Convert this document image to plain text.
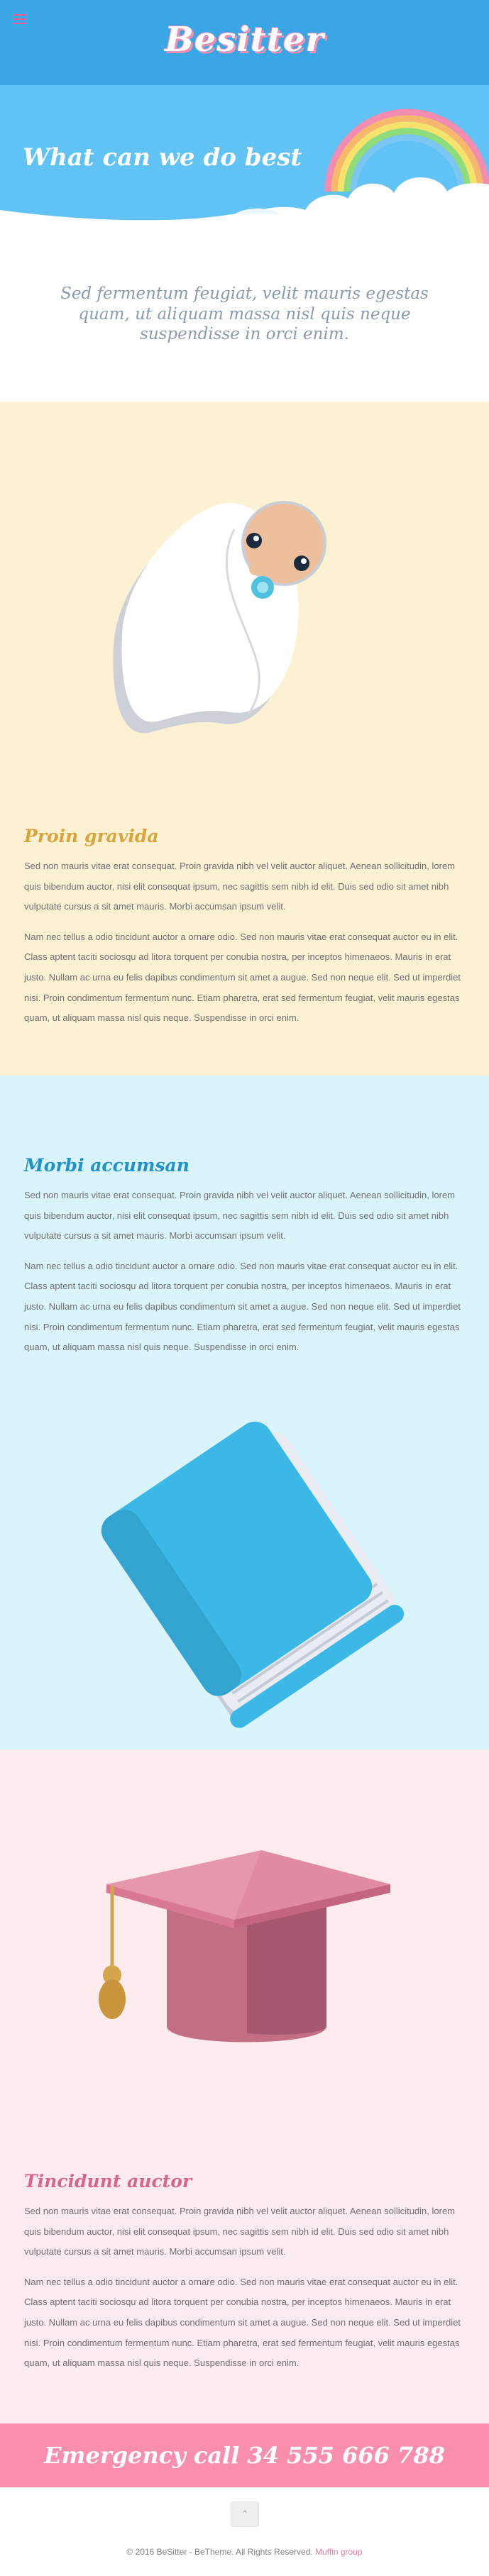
Besitter
What can we do best

Sed fermentum feugiat, velit mauris egestas quam, ut aliquam massa nisl quis neque suspendisse in orci enim.

Proin gravida

Sed non mauris vitae erat consequat. Proin gravida nibh vel velit auctor aliquet. Aenean sollicitudin, lorem quis bibendum auctor, nisi elit consequat ipsum, nec sagittis sem nibh id elit. Duis sed odio sit amet nibh vulputate cursus a sit amet mauris. Morbi accumsan ipsum velit.

Nam nec tellus a odio tincidunt auctor a ornare odio. Sed non mauris vitae erat consequat auctor eu in elit. Class aptent taciti sociosqu ad litora torquent per conubia nostra, per inceptos himenaeos. Mauris in erat justo. Nullam ac urna eu felis dapibus condimentum sit amet a augue. Sed non neque elit. Sed ut imperdiet nisi. Proin condimentum fermentum nunc. Etiam pharetra, erat sed fermentum feugiat, velit mauris egestas quam, ut aliquam massa nisl quis neque. Suspendisse in orci enim.

Morbi accumsan

Sed non mauris vitae erat consequat. Proin gravida nibh vel velit auctor aliquet. Aenean sollicitudin, lorem quis bibendum auctor, nisi elit consequat ipsum, nec sagittis sem nibh id elit. Duis sed odio sit amet nibh vulputate cursus a sit amet mauris. Morbi accumsan ipsum velit.

Nam nec tellus a odio tincidunt auctor a ornare odio. Sed non mauris vitae erat consequat auctor eu in elit. Class aptent taciti sociosqu ad litora torquent per conubia nostra, per inceptos himenaeos. Mauris in erat justo. Nullam ac urna eu felis dapibus condimentum sit amet a augue. Sed non neque elit. Sed ut imperdiet nisi. Proin condimentum fermentum nunc. Etiam pharetra, erat sed fermentum feugiat, velit mauris egestas quam, ut aliquam massa nisl quis neque. Suspendisse in orci enim.

Tincidunt auctor

Sed non mauris vitae erat consequat. Proin gravida nibh vel velit auctor aliquet. Aenean sollicitudin, lorem quis bibendum auctor, nisi elit consequat ipsum, nec sagittis sem nibh id elit. Duis sed odio sit amet nibh vulputate cursus a sit amet mauris. Morbi accumsan ipsum velit.

Nam nec tellus a odio tincidunt auctor a ornare odio. Sed non mauris vitae erat consequat auctor eu in elit. Class aptent taciti sociosqu ad litora torquent per conubia nostra, per inceptos himenaeos. Mauris in erat justo. Nullam ac urna eu felis dapibus condimentum sit amet a augue. Sed non neque elit. Sed ut imperdiet nisi. Proin condimentum fermentum nunc. Etiam pharetra, erat sed fermentum feugiat, velit mauris egestas quam, ut aliquam massa nisl quis neque. Suspendisse in orci enim.

Emergency call 34 555 666 788
⌃
© 2016 BeSitter - BeTheme. All Rights Reserved. Muffin group
